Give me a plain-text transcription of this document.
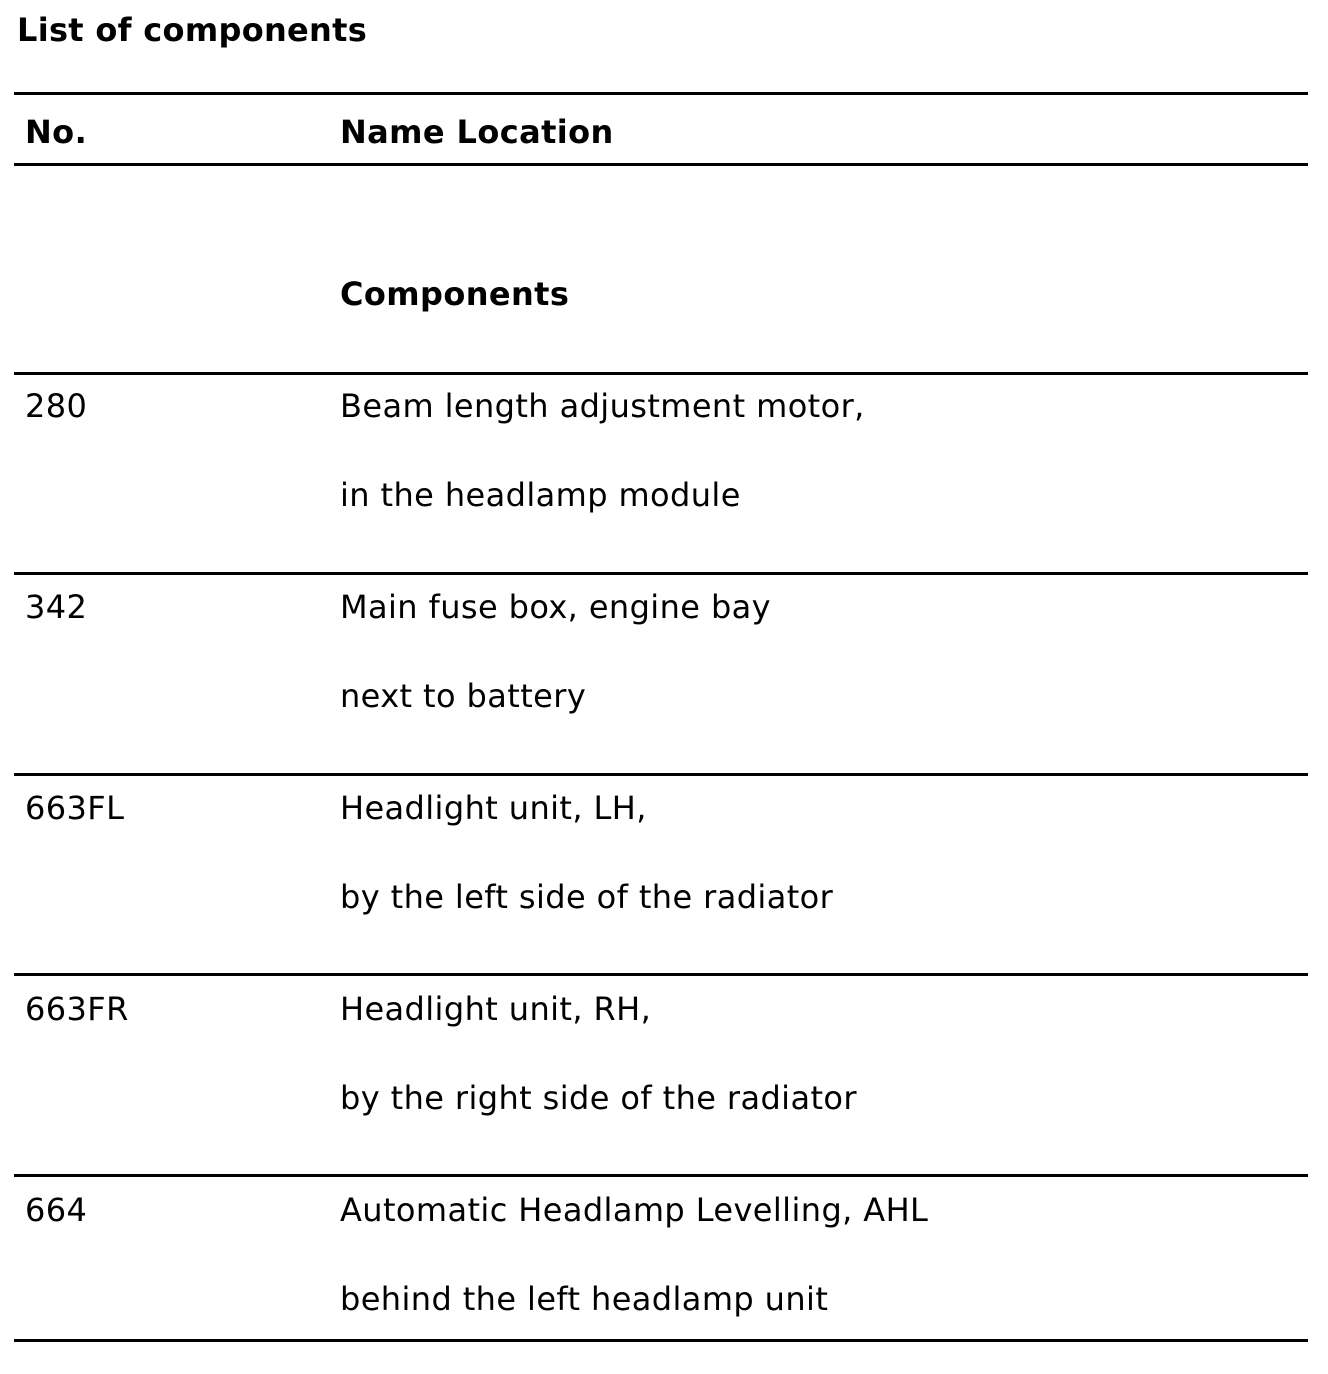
List of components
No.	Name Location
Components
280	Beam length adjustment motor,
in the headlamp module
342	Main fuse box, engine bay
next to battery
663FL	Headlight unit, LH,
by the left side of the radiator
663FR	Headlight unit, RH,
by the right side of the radiator
664	Automatic Headlamp Levelling, AHL
behind the left headlamp unit
